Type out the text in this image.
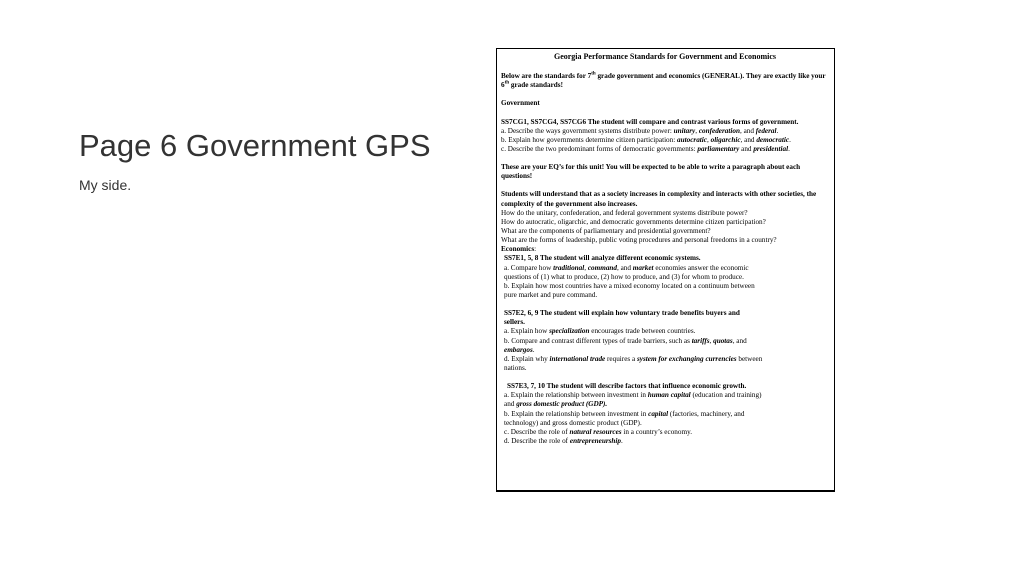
Page 6 Government GPS
My side.

Georgia Performance Standards for Government and Economics

Below are the standards for 7th grade government and economics (GENERAL). They are exactly like your 6th grade standards!

Government

SS7CG1, SS7CG4, SS7CG6 The student will compare and contrast various forms of government.

a. Describe the ways government systems distribute power: unitary, confederation, and federal.

b. Explain how governments determine citizen participation: autocratic, oligarchic, and democratic.

c. Describe the two predominant forms of democratic governments: parliamentary and presidential.

These are your EQ’s for this unit! You will be expected to be able to write a paragraph about each questions!

Students will understand that as a society increases in complexity and interacts with other societies, the complexity of the government also increases.

How do the unitary, confederation, and federal government systems distribute power?

How do autocratic, oligarchic, and democratic governments determine citizen participation?

What are the components of parliamentary and presidential government?

What are the forms of leadership, public voting procedures and personal freedoms in a country?

Economics:

SS7E1, 5, 8 The student will analyze different economic systems.

a. Compare how traditional, command, and market economies answer the economic

questions of (1) what to produce, (2) how to produce, and (3) for whom to produce.

b. Explain how most countries have a mixed economy located on a continuum between

pure market and pure command.

SS7E2, 6, 9 The student will explain how voluntary trade benefits buyers and

sellers.

a. Explain how specialization encourages trade between countries.

b. Compare and contrast different types of trade barriers, such as tariffs, quotas, and

embargos.

d. Explain why international trade requires a system for exchanging currencies between

nations.

SS7E3, 7, 10 The student will describe factors that influence economic growth.

a. Explain the relationship between investment in human capital (education and training)

and gross domestic product (GDP).

b. Explain the relationship between investment in capital (factories, machinery, and

technology) and gross domestic product (GDP).

c. Describe the role of natural resources in a country’s economy.

d. Describe the role of entrepreneurship.
